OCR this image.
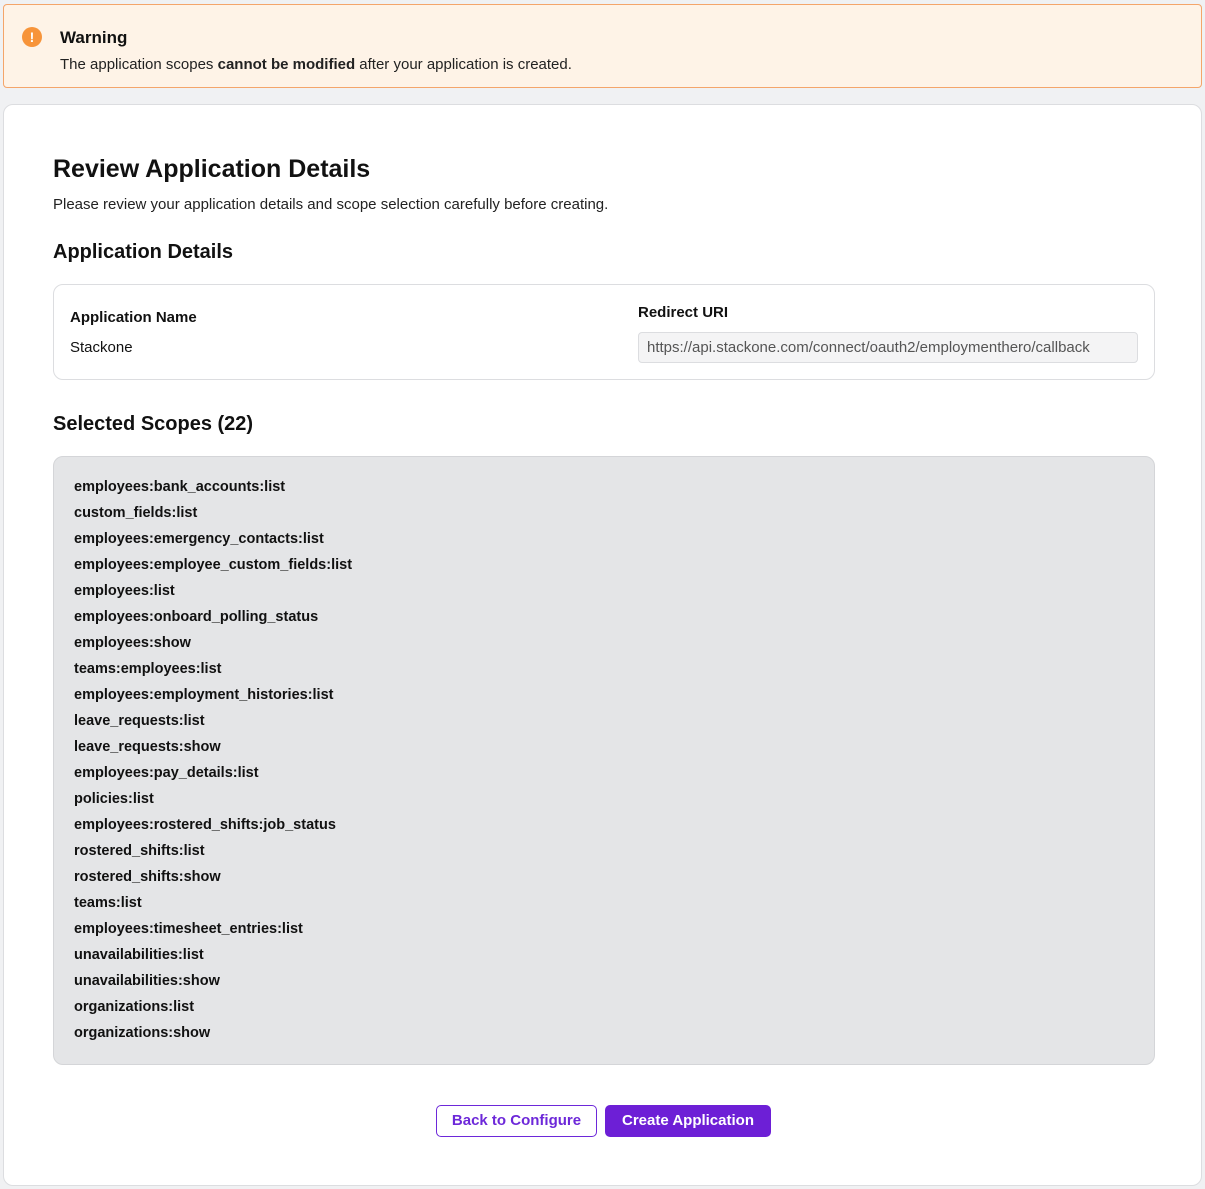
!	Warning
The application scopes cannot be modified after your application is created.
Review Application Details
Please review your application details and scope selection carefully before creating.
Application Details
Application Name
Stackone
Redirect URI
https://api.stackone.com/connect/oauth2/employmenthero/callback
Selected Scopes (22)
employees:bank_accounts:list
custom_fields:list
employees:emergency_contacts:list
employees:employee_custom_fields:list
employees:list
employees:onboard_polling_status
employees:show
teams:employees:list
employees:employment_histories:list
leave_requests:list
leave_requests:show
employees:pay_details:list
policies:list
employees:rostered_shifts:job_status
rostered_shifts:list
rostered_shifts:show
teams:list
employees:timesheet_entries:list
unavailabilities:list
unavailabilities:show
organizations:list
organizations:show
Back to Configure	Create Application
